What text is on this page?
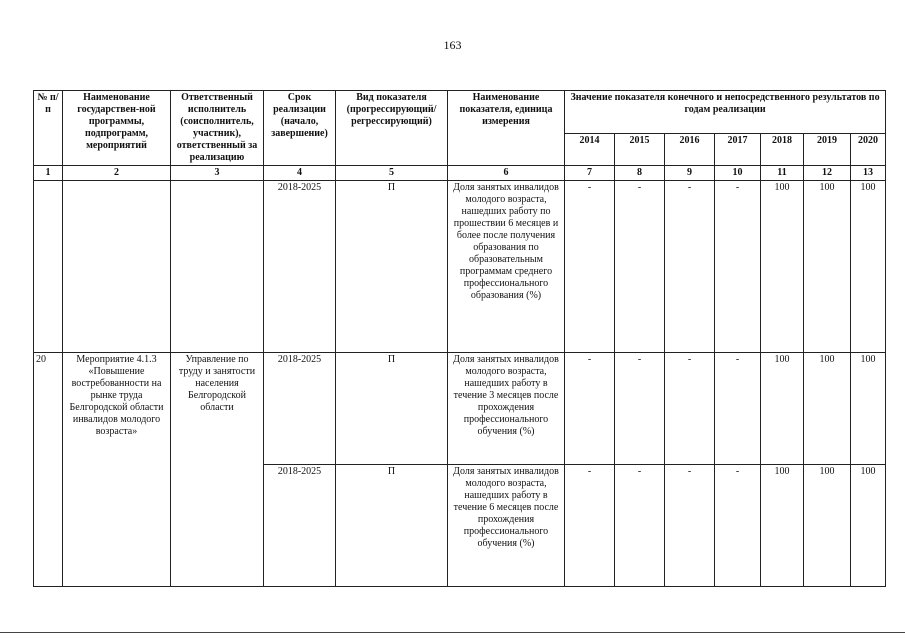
163
№ п/п	Наименование государствен-ной программы, подпрограмм, мероприятий	Ответственный исполнитель (соисполнитель, участник), ответственный за реализацию	Срок реализации (начало, завершение)	Вид показателя (прогрессирующий/ регрессирующий)	Наименование показателя, единица измерения	Значение показателя конечного и непосредственного результатов по годам реализации						
						2014	2015	2016	2017	2018	2019	2020
1	2	3	4	5	6	7	8	9	10	11	12	13
			2018-2025	П	Доля занятых инвалидов молодого возраста, нашедших работу по прошествии 6 месяцев и более после получения образования по образовательным программам среднего профессионального образования (%)	-	-	-	-	100	100	100
20	Мероприятие 4.1.3 «Повышение востребованности на рынке труда Белгородской области инвалидов молодого возраста»	Управление по труду и занятости населения Белгородской области	2018-2025	П	Доля занятых инвалидов молодого возраста, нашедших работу в течение 3 месяцев после прохождения профессионального обучения (%)	-	-	-	-	100	100	100
			2018-2025	П	Доля занятых инвалидов молодого возраста, нашедших работу в течение 6 месяцев после прохождения профессионального обучения (%)	-	-	-	-	100	100	100
